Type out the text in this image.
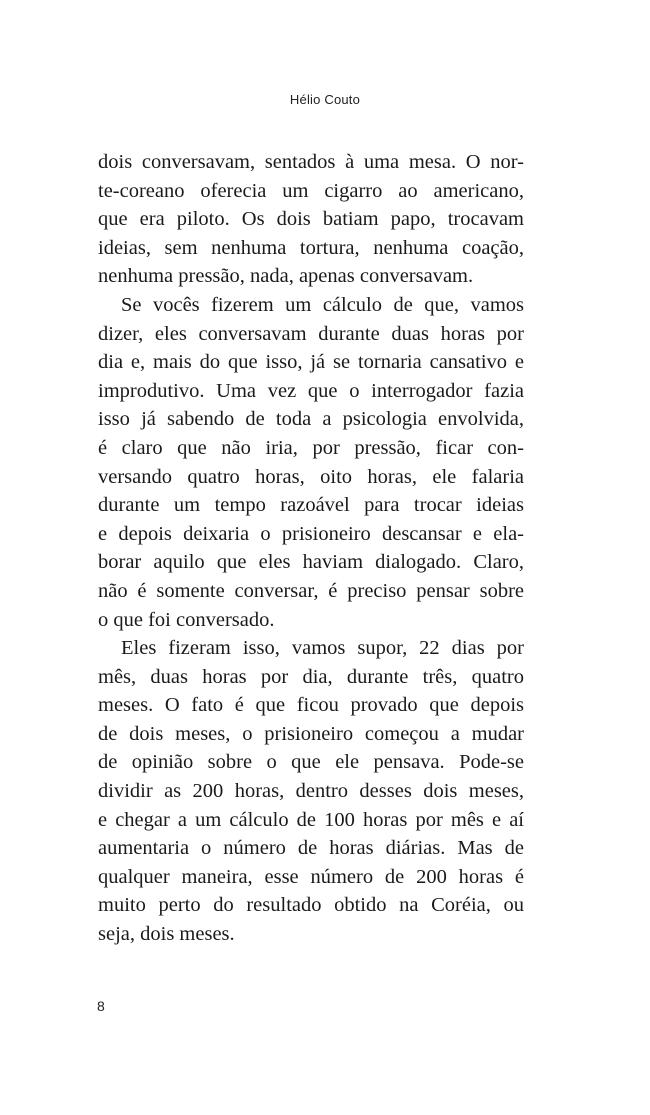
Hélio Couto
dois conversavam, sentados à uma mesa. O nor-
te-coreano oferecia um cigarro ao americano,
que era piloto. Os dois batiam papo, trocavam
ideias, sem nenhuma tortura, nenhuma coação,
nenhuma pressão, nada, apenas conversavam.
Se vocês fizerem um cálculo de que, vamos
dizer, eles conversavam durante duas horas por
dia e, mais do que isso, já se tornaria cansativo e
improdutivo. Uma vez que o interrogador fazia
isso já sabendo de toda a psicologia envolvida,
é claro que não iria, por pressão, ficar con-
versando quatro horas, oito horas, ele falaria
durante um tempo razoável para trocar ideias
e depois deixaria o prisioneiro descansar e ela-
borar aquilo que eles haviam dialogado. Claro,
não é somente conversar, é preciso pensar sobre
o que foi conversado.
Eles fizeram isso, vamos supor, 22 dias por
mês, duas horas por dia, durante três, quatro
meses. O fato é que ficou provado que depois
de dois meses, o prisioneiro começou a mudar
de opinião sobre o que ele pensava. Pode-se
dividir as 200 horas, dentro desses dois meses,
e chegar a um cálculo de 100 horas por mês e aí
aumentaria o número de horas diárias. Mas de
qualquer maneira, esse número de 200 horas é
muito perto do resultado obtido na Coréia, ou
seja, dois meses.
8
